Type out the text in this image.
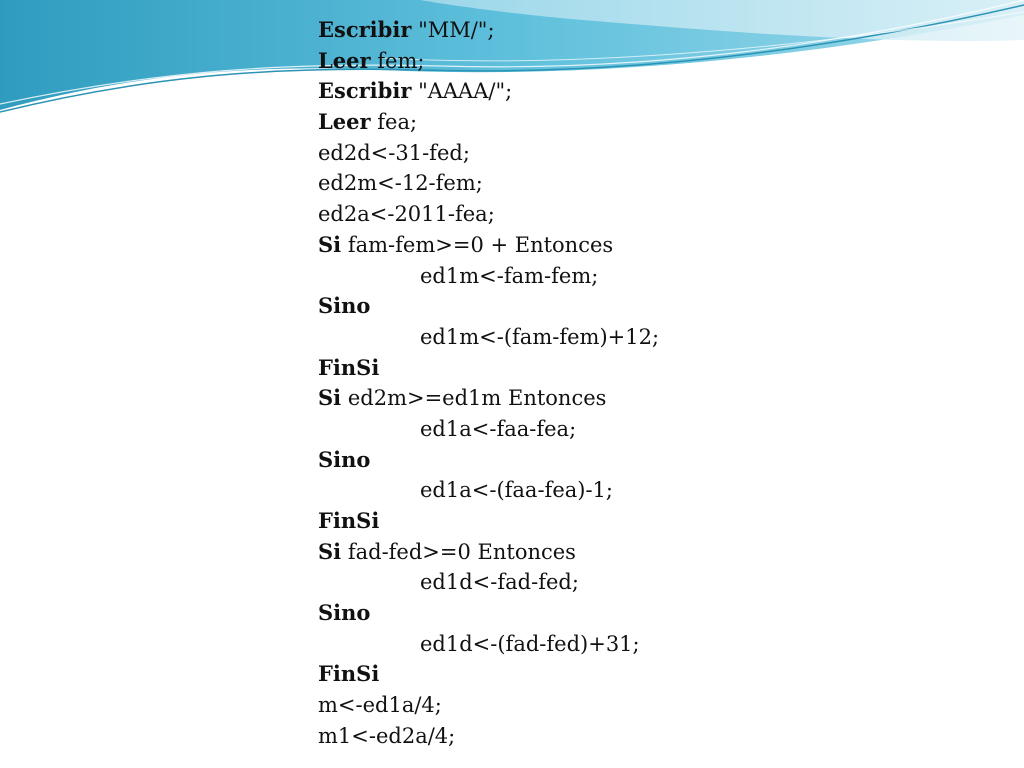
Escribir "MM/";
Leer fem;
Escribir "AAAA/";
Leer fea;
ed2d<-31-fed;
ed2m<-12-fem;
ed2a<-2011-fea;
Si fam-fem>=0 + Entonces
ed1m<-fam-fem;
Sino
ed1m<-(fam-fem)+12;
FinSi
Si ed2m>=ed1m Entonces
ed1a<-faa-fea;
Sino
ed1a<-(faa-fea)-1;
FinSi
Si fad-fed>=0 Entonces
ed1d<-fad-fed;
Sino
ed1d<-(fad-fed)+31;
FinSi
m<-ed1a/4;
m1<-ed2a/4;
